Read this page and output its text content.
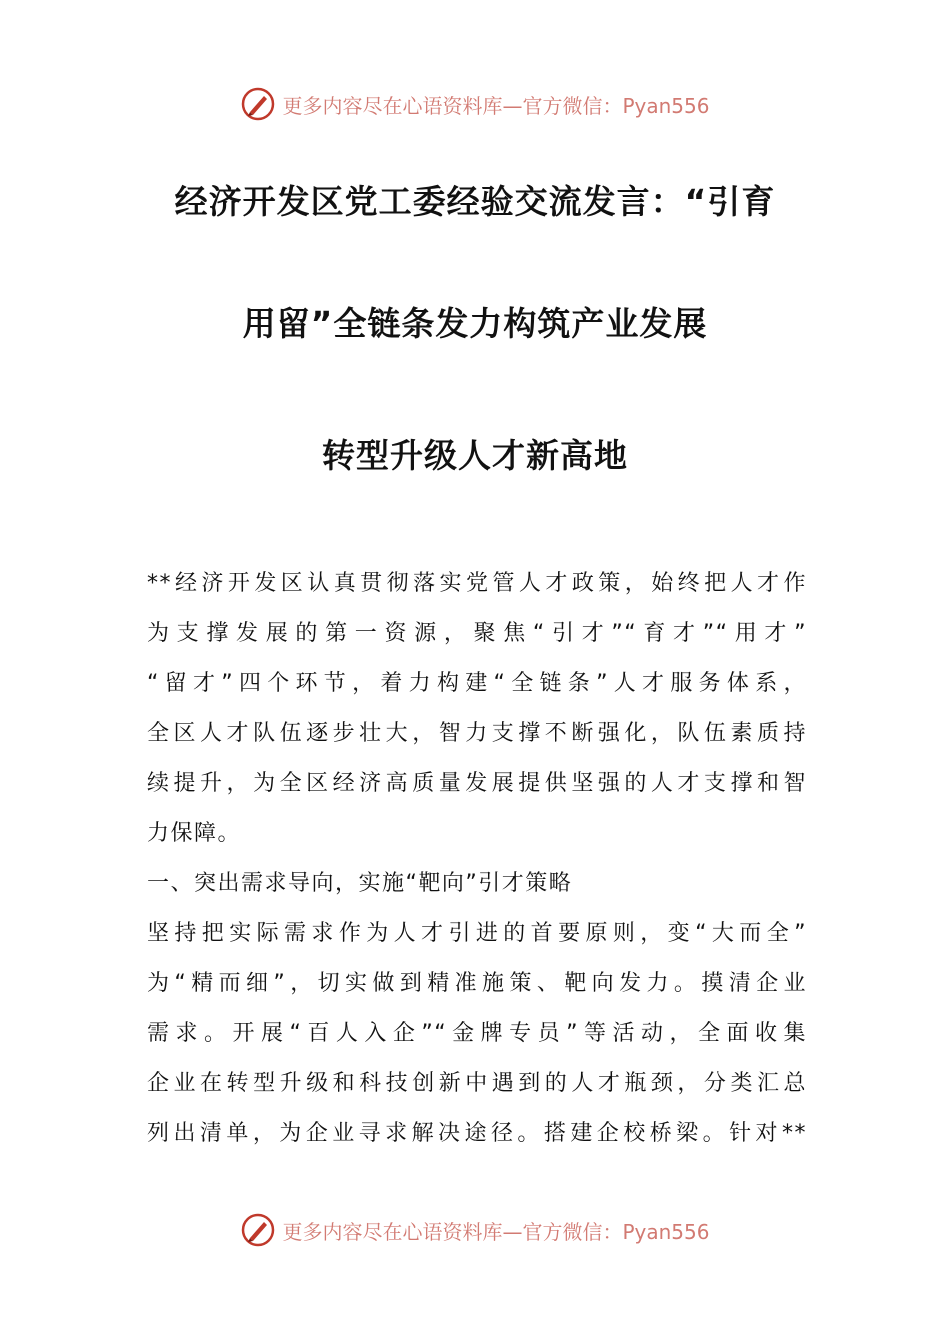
更多内容尽在心语资料库—官方微信：Pyan556
经济开发区党工委经验交流发言：“引育
用留”全链条发力构筑产业发展
转型升级人才新高地
**经济开发区认真贯彻落实党管人才政策，始终把人才作
为支撑发展的第一资源，聚焦“引才”“育才”“用才”
“留才”四个环节，着力构建“全链条”人才服务体系，
全区人才队伍逐步壮大，智力支撑不断强化，队伍素质持
续提升，为全区经济高质量发展提供坚强的人才支撑和智
力保障。
一、突出需求导向，实施“靶向”引才策略
坚持把实际需求作为人才引进的首要原则，变“大而全”
为“精而细”，切实做到精准施策、靶向发力。摸清企业
需求。开展“百人入企”“金牌专员”等活动，全面收集
企业在转型升级和科技创新中遇到的人才瓶颈，分类汇总
列出清单，为企业寻求解决途径。搭建企校桥梁。针对**
更多内容尽在心语资料库—官方微信：Pyan556
